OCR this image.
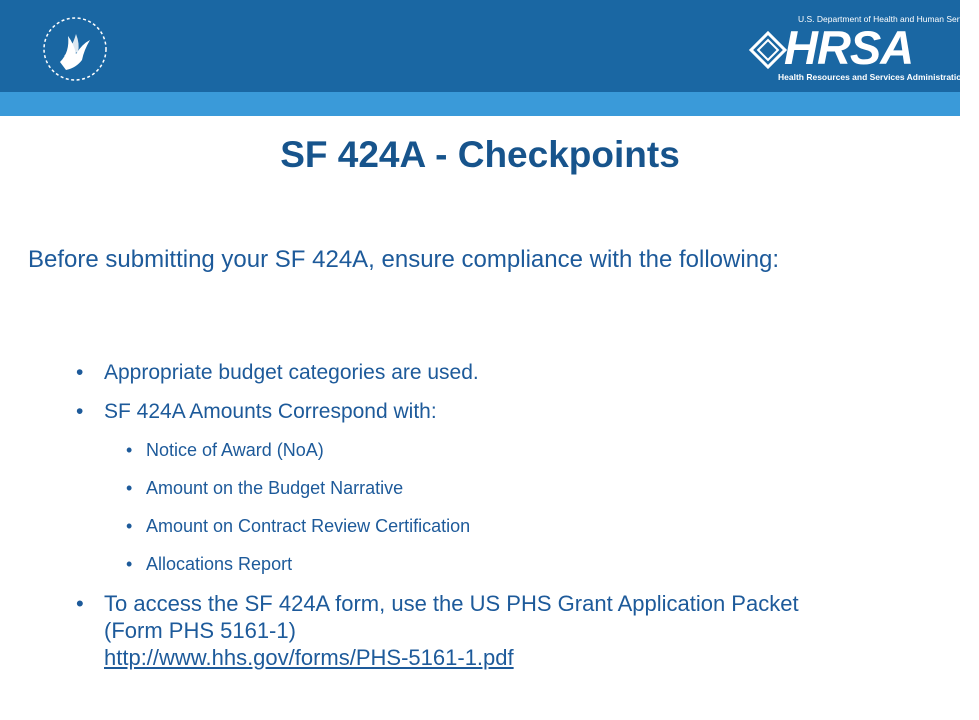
U.S. Department of Health and Human Services
HRSA
Health Resources and Services Administration
SF 424A - Checkpoints
Before submitting your SF 424A, ensure compliance with the following:
• Appropriate budget categories are used.
• SF 424A Amounts Correspond with:
• Notice of Award (NoA)
• Amount on the Budget Narrative
• Amount on Contract Review Certification
• Allocations Report
• To access the SF 424A form, use the US PHS Grant Application Packet (Form PHS 5161-1)
http://www.hhs.gov/forms/PHS-5161-1.pdf
